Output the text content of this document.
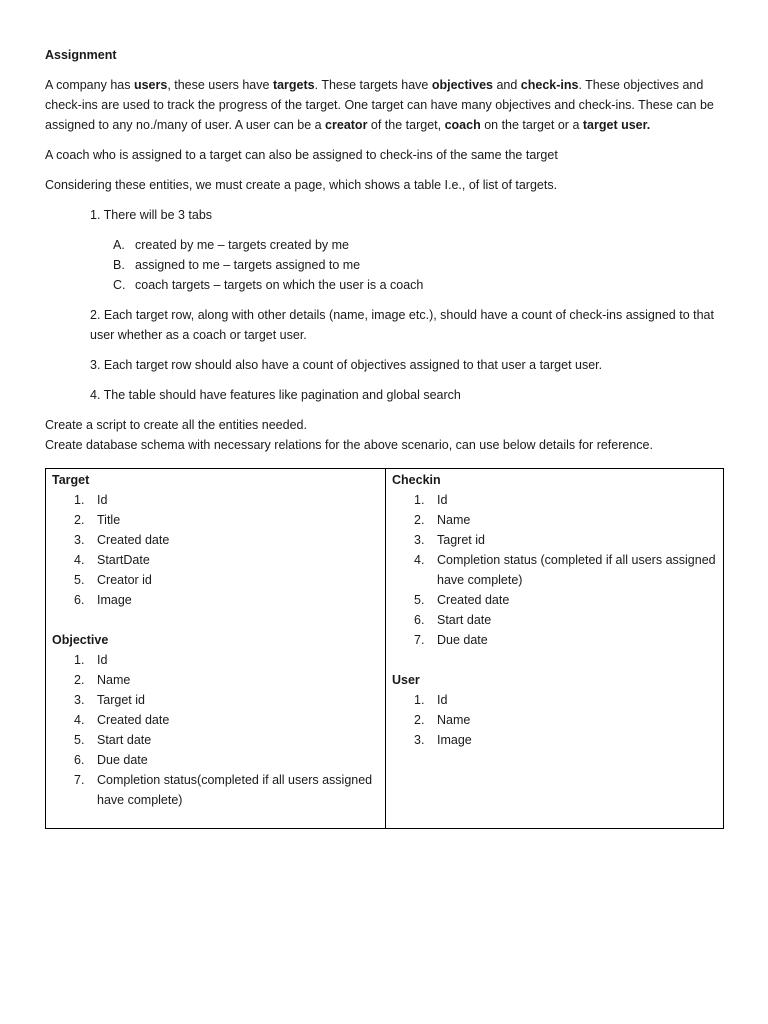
Assignment

A company has users, these users have targets. These targets have objectives and check-ins. These objectives and check-ins are used to track the progress of the target. One target can have many objectives and check-ins. These can be assigned to any no./many of user. A user can be a creator of the target, coach on the target or a target user.

A coach who is assigned to a target can also be assigned to check-ins of the same the target

Considering these entities, we must create a page, which shows a table I.e., of list of targets.

1. There will be 3 tabs

A. created by me – targets created by me
B. assigned to me – targets assigned to me
C. coach targets – targets on which the user is a coach

2. Each target row, along with other details (name, image etc.), should have a count of check-ins assigned to that user whether as a coach or target user.

3. Each target row should also have a count of objectives assigned to that user a target user.

4. The table should have features like pagination and global search

Create a script to create all the entities needed.

Create database schema with necessary relations for the above scenario, can use below details for reference.

Target

1. Id
2. Title
3. Created date
4. StartDate
5. Creator id
6. Image

Objective

1. Id
2. Name
3. Target id
4. Created date
5. Start date
6. Due date
7. Completion status(completed if all users assigned have complete)

Checkin

1. Id
2. Name
3. Tagret id
4. Completion status (completed if all users assigned have complete)
5. Created date
6. Start date
7. Due date

User

1. Id
2. Name
3. Image
